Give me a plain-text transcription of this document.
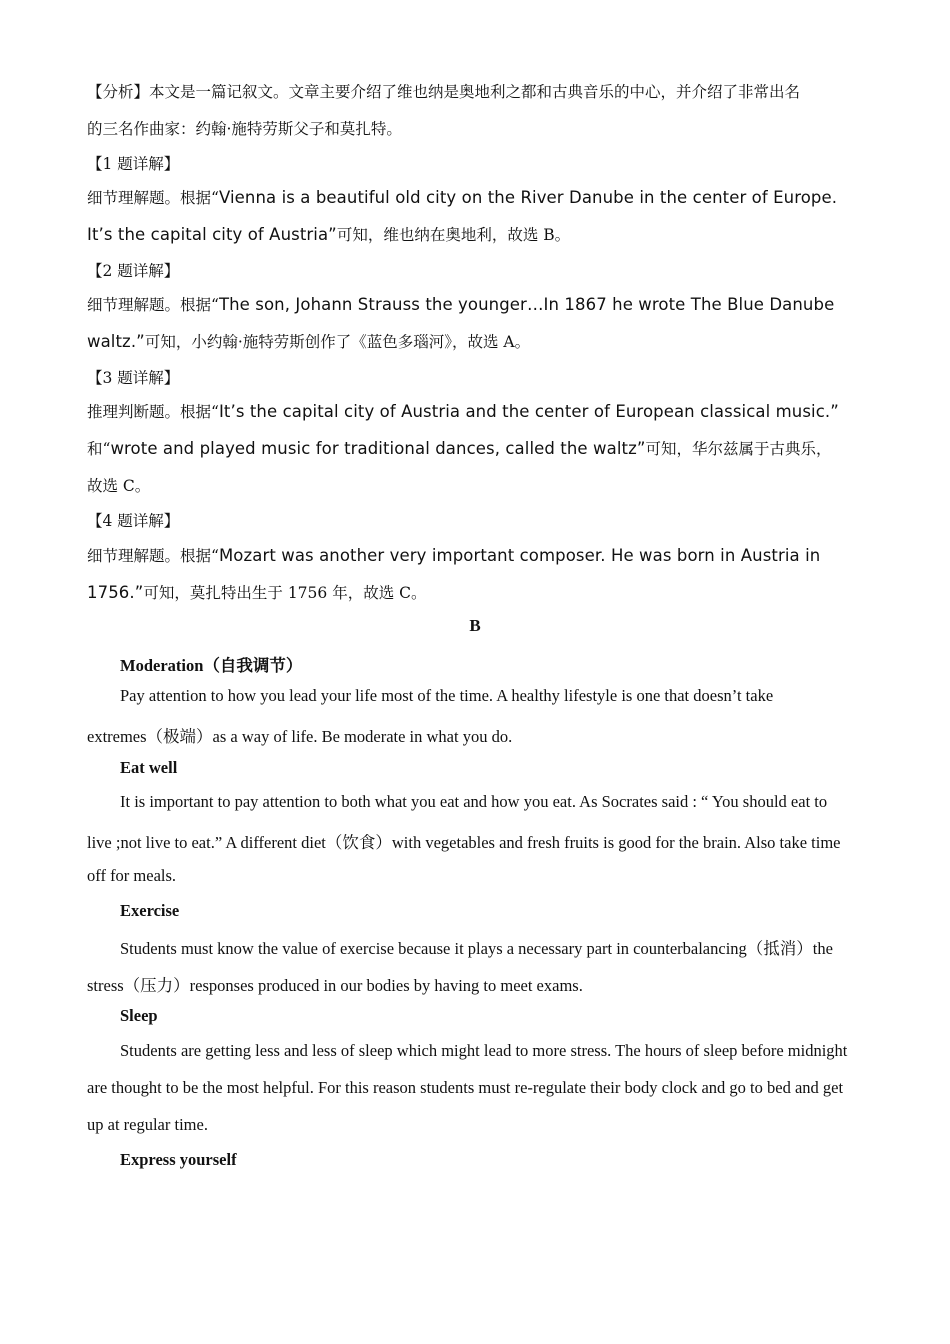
【分析】本文是一篇记叙文。文章主要介绍了维也纳是奥地利之都和古典音乐的中心，并介绍了非常出名
的三名作曲家：约翰·施特劳斯父子和莫扎特。
【1 题详解】
细节理解题。根据“Vienna is a beautiful old city on the River Danube in the center of Europe.
It’s the capital city of Austria”可知，维也纳在奥地利，故选 B。
【2 题详解】
细节理解题。根据“The son, Johann Strauss the younger…In 1867 he wrote The Blue Danube
waltz.”可知，小约翰·施特劳斯创作了《蓝色多瑙河》，故选 A。
【3 题详解】
推理判断题。根据“It’s the capital city of Austria and the center of European classical music.”
和“wrote and played music for traditional dances, called the waltz”可知，华尔兹属于古典乐，
故选 C。
【4 题详解】
细节理解题。根据“Mozart was another very important composer. He was born in Austria in
1756.”可知，莫扎特出生于 1756 年，故选 C。
B
Moderation（自我调节）
Pay attention to how you lead your life most of the time. A healthy lifestyle is one that doesn’t take
extremes（极端）as a way of life. Be moderate in what you do.
Eat well
It is important to pay attention to both what you eat and how you eat. As Socrates said : “ You should eat to
live ;not live to eat.” A different diet（饮食）with vegetables and fresh fruits is good for the brain. Also take time
off for meals.
Exercise
Students must know the value of exercise because it plays a necessary part in counterbalancing（抵消）the
stress（压力）responses produced in our bodies by having to meet exams.
Sleep
Students are getting less and less of sleep which might lead to more stress. The hours of sleep before midnight
are thought to be the most helpful. For this reason students must re-regulate their body clock and go to bed and get
up at regular time.
Express yourself
